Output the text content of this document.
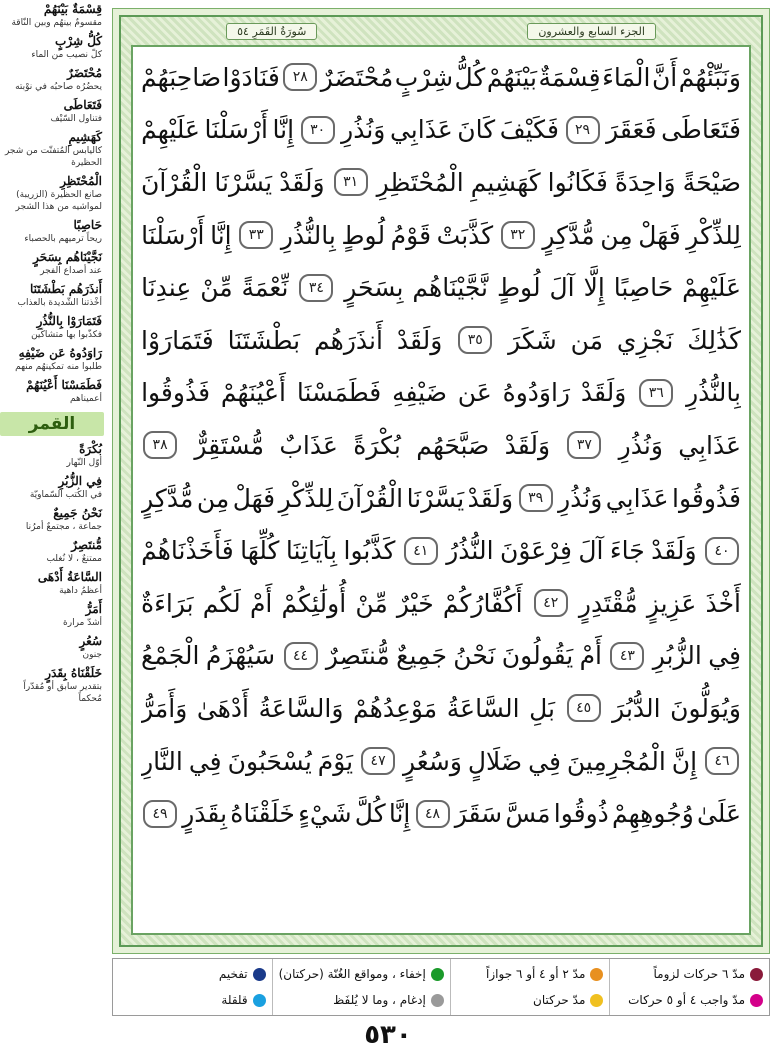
قِسْمَةٌ بَيْنَهُمْ
مقسومٌ بينهُم وبين النّاقة
كُلُّ شِرْبٍ
كلّ نصيب من الماء
مُحْتَضَرٌ
يحضُرُه صاحبُه في نوْبته
فَتَعَاطَى
فتناول السّيْف
كَهَشِيمِ
كاليابس المُتفتّت من شجر الحظيرة
الْمُحْتَظِرِ
صانع الحظيرة (الزريبة) لمواشيه من هذا الشجر
حَاصِبًا
ريحاً ترميهم بالحصباء
نَجَّيْنَاهُم بِسَحَرٍ
عند أصداع الفجر
أَنذَرَهُم بَطْشَتَنَا
أخْذتنا الشّديدة بالعذاب
فَتَمَارَوْا بِالنُّذُرِ
فكذّبوا بها متشاكّين
رَاوَدُوهُ عَن ضَيْفِهِ
طلبوا منه تمكينهُم منهم
فَطَمَسْنَا أَعْيُنَهُمْ
أعميناهم
القمر
بُكْرَةً
أوّل النّهار
فِي الزُّبُرِ
في الكُتب السّماويّة
نَحْنُ جَمِيعٌ
جماعة ، مجتمعٌ أمرُنا
مُّنتَصِرٌ
ممتنعٌ ، لا نُغلب
السَّاعَةُ أَدْهَى
أعظمُ داهية
أَمَرُّ
أشدّ مرارة
سُعُرٍ
جنون
خَلَقْنَاهُ بِقَدَرٍ
بتقدير سابق أو مُقدّراً مُحكماً
الجزء السابع والعشرون
سُورَةُ القَمَرِ ٥٤
وَنَبِّئْهُمْ
أَنَّ
الْمَاءَ
قِسْمَةٌ
بَيْنَهُمْ
كُلُّ
شِرْبٍ
مُحْتَضَرٌ
٢٨
فَنَادَوْا
صَاحِبَهُمْ
فَتَعَاطَى
فَعَقَرَ
٢٩
فَكَيْفَ
كَانَ
عَذَابِي
وَنُذُرِ
٣٠
إِنَّا
أَرْسَلْنَا
عَلَيْهِمْ
صَيْحَةً
وَاحِدَةً
فَكَانُوا
كَهَشِيمِ
الْمُحْتَظِرِ
٣١
وَلَقَدْ
يَسَّرْنَا
الْقُرْآنَ
لِلذِّكْرِ
فَهَلْ
مِن
مُّدَّكِرٍ
٣٢
كَذَّبَتْ
قَوْمُ
لُوطٍ
بِالنُّذُرِ
٣٣
إِنَّا
أَرْسَلْنَا
عَلَيْهِمْ
حَاصِبًا
إِلَّا
آلَ
لُوطٍ
نَّجَّيْنَاهُم
بِسَحَرٍ
٣٤
نِّعْمَةً
مِّنْ
عِندِنَا
كَذَٰلِكَ
نَجْزِي
مَن
شَكَرَ
٣٥
وَلَقَدْ
أَنذَرَهُم
بَطْشَتَنَا
فَتَمَارَوْا
بِالنُّذُرِ
٣٦
وَلَقَدْ
رَاوَدُوهُ
عَن
ضَيْفِهِ
فَطَمَسْنَا
أَعْيُنَهُمْ
فَذُوقُوا
عَذَابِي
وَنُذُرِ
٣٧
وَلَقَدْ
صَبَّحَهُم
بُكْرَةً
عَذَابٌ
مُّسْتَقِرٌّ
٣٨
فَذُوقُوا
عَذَابِي
وَنُذُرِ
٣٩
وَلَقَدْ
يَسَّرْنَا
الْقُرْآنَ
لِلذِّكْرِ
فَهَلْ
مِن
مُّدَّكِرٍ
٤٠
وَلَقَدْ
جَاءَ
آلَ
فِرْعَوْنَ
النُّذُرُ
٤١
كَذَّبُوا
بِآيَاتِنَا
كُلِّهَا
فَأَخَذْنَاهُمْ
أَخْذَ
عَزِيزٍ
مُّقْتَدِرٍ
٤٢
أَكُفَّارُكُمْ
خَيْرٌ
مِّنْ
أُولَٰئِكُمْ
أَمْ
لَكُم
بَرَاءَةٌ
فِي
الزُّبُرِ
٤٣
أَمْ
يَقُولُونَ
نَحْنُ
جَمِيعٌ
مُّنتَصِرٌ
٤٤
سَيُهْزَمُ
الْجَمْعُ
وَيُوَلُّونَ
الدُّبُرَ
٤٥
بَلِ
السَّاعَةُ
مَوْعِدُهُمْ
وَالسَّاعَةُ
أَدْهَىٰ
وَأَمَرُّ
٤٦
إِنَّ
الْمُجْرِمِينَ
فِي
ضَلَالٍ
وَسُعُرٍ
٤٧
يَوْمَ
يُسْحَبُونَ
فِي
النَّارِ
عَلَىٰ
وُجُوهِهِمْ
ذُوقُوا
مَسَّ
سَقَرَ
٤٨
إِنَّا
كُلَّ
شَيْءٍ
خَلَقْنَاهُ
بِقَدَرٍ
٤٩
مدّ ٦ حركات لزوماً
مدّ واجب ٤ أو ٥ حركات
مدّ ٢ أو ٤ أو ٦ جوازاً
مدّ حركتان
إخفاء ، ومواقع الغُنّة (حركتان)
إدغام ، وما لا يُلفَظ
تفخيم
قلقلة
٥٣٠
